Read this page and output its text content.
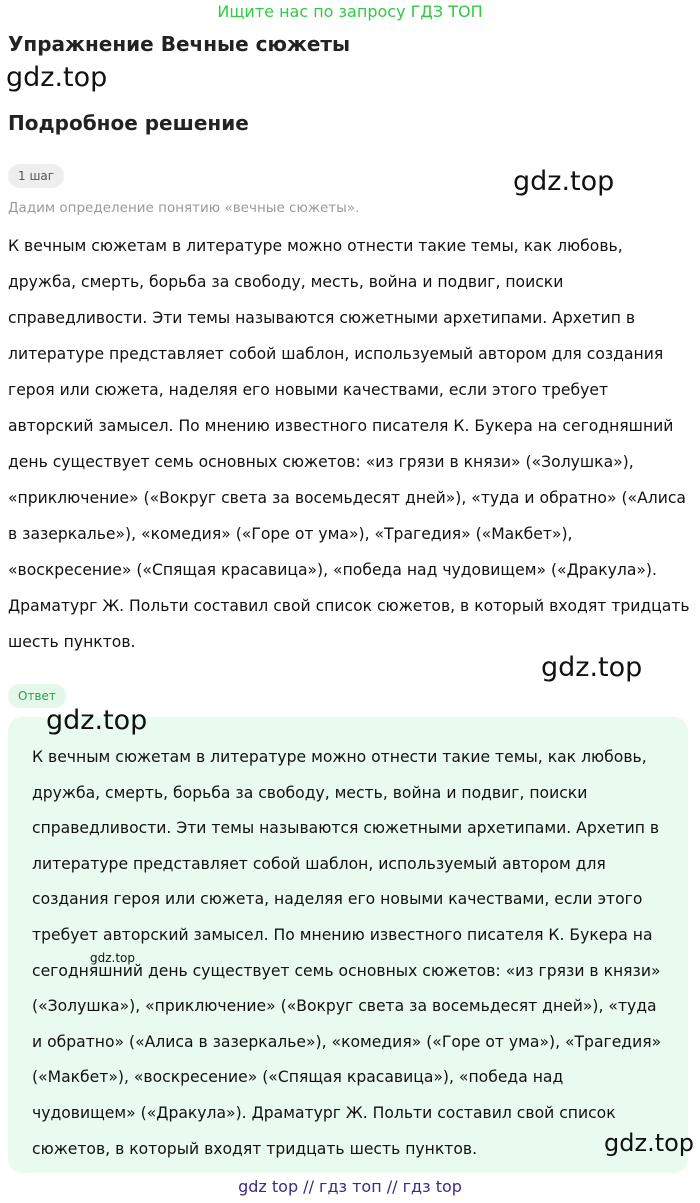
Ищите нас по запросу ГДЗ ТОП
Упражнение Вечные сюжеты
gdz.top
Подробное решение
1 шаг	gdz.top
Дадим определение понятию «вечные сюжеты».
К вечным сюжетам в литературе можно отнести такие темы, как любовь, дружба, смерть, борьба за свободу, месть, война и подвиг, поиски справедливости. Эти темы называются сюжетными архетипами. Архетип в литературе представляет собой шаблон, используемый автором для создания героя или сюжета, наделяя его новыми качествами, если этого требует авторский замысел. По мнению известного писателя К. Букера на сегодняшний день существует семь основных сюжетов: «из грязи в князи» («Золушка»), «приключение» («Вокруг света за восемьдесят дней»), «туда и обратно» («Алиса в зазеркалье»), «комедия» («Горе от ума»), «Трагедия» («Макбет»), «воскресение» («Спящая красавица»), «победа над чудовищем» («Дракула»). Драматург Ж. Польти составил свой список сюжетов, в который входят тридцать шесть пунктов.
gdz.top
Ответ
gdz.top
К вечным сюжетам в литературе можно отнести такие темы, как любовь, дружба, смерть, борьба за свободу, месть, война и подвиг, поиски справедливости. Эти темы называются сюжетными архетипами. Архетип в литературе представляет собой шаблон, используемый автором для создания героя или сюжета, наделяя его новыми качествами, если этого требует авторский замысел. По мнению известного писателя К. Букера на сегодняшний день существует семь основных сюжетов: «из грязи в князи» («Золушка»), «приключение» («Вокруг света за восемьдесят дней»), «туда и обратно» («Алиса в зазеркалье»), «комедия» («Горе от ума»), «Трагедия» («Макбет»), «воскресение» («Спящая красавица»), «победа над чудовищем» («Дракула»). Драматург Ж. Польти составил свой список сюжетов, в который входят тридцать шесть пунктов.
gdz.top
gdz.top
gdz top // гдз топ // гдз top
